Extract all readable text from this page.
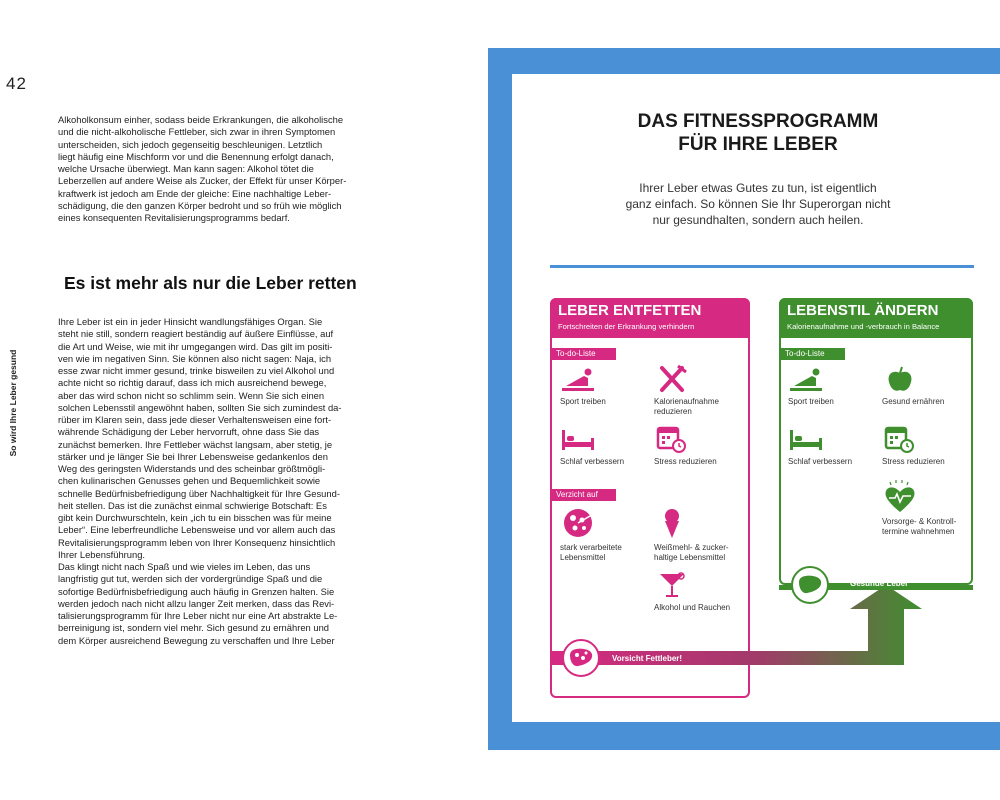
42
So wird Ihre Leber gesund
Alkoholkonsum einher, sodass beide Erkrankungen, die alkoholische
und die nicht-alkoholische Fettleber, sich zwar in ihren Symptomen
unterscheiden, sich jedoch gegenseitig beschleunigen. Letztlich
liegt häufig eine Mischform vor und die Benennung erfolgt danach,
welche Ursache überwiegt. Man kann sagen: Alkohol tötet die
Leberzellen auf andere Weise als Zucker, der Effekt für unser Körper-
kraftwerk ist jedoch am Ende der gleiche: Eine nachhaltige Leber-
schädigung, die den ganzen Körper bedroht und so früh wie möglich
eines konsequenten Revitalisierungsprogramms bedarf.
Es ist mehr als nur die Leber retten
Ihre Leber ist ein in jeder Hinsicht wandlungsfähiges Organ. Sie
steht nie still, sondern reagiert beständig auf äußere Einflüsse, auf
die Art und Weise, wie mit ihr umgegangen wird. Das gilt im positi-
ven wie im negativen Sinn. Sie können also nicht sagen: Naja, ich
esse zwar nicht immer gesund, trinke bisweilen zu viel Alkohol und
achte nicht so richtig darauf, dass ich mich ausreichend bewege,
aber das wird schon nicht so schlimm sein. Wenn Sie sich einen
solchen Lebensstil angewöhnt haben, sollten Sie sich zumindest da-
rüber im Klaren sein, dass jede dieser Verhaltensweisen eine fort-
währende Schädigung der Leber hervorruft, ohne dass Sie das
zunächst bemerken. Ihre Fettleber wächst langsam, aber stetig, je
stärker und je länger Sie bei Ihrer Lebensweise gedankenlos den
Weg des geringsten Widerstands und des scheinbar größtmögli-
chen kulinarischen Genusses gehen und Bequemlichkeit sowie
schnelle Bedürfnisbefriedigung über Nachhaltigkeit für Ihre Gesund-
heit stellen. Das ist die zunächst einmal schwierige Botschaft: Es
gibt kein Durchwurschteln, kein „ich tu ein bisschen was für meine
Leber“. Eine leberfreundliche Lebensweise und vor allem auch das
Revitalisierungsprogramm leben von Ihrer Konsequenz hinsichtlich
Ihrer Lebensführung.
Das klingt nicht nach Spaß und wie vieles im Leben, das uns
langfristig gut tut, werden sich der vordergründige Spaß und die
sofortige Bedürfnisbefriedigung auch häufig in Grenzen halten. Sie
werden jedoch nach nicht allzu langer Zeit merken, dass das Revi-
talisierungsprogramm für Ihre Leber nicht nur eine Art abstrakte Le-
berreinigung ist, sondern viel mehr. Sich gesund zu ernähren und
dem Körper ausreichend Bewegung zu verschaffen und Ihre Leber
DAS FITNESSPROGRAMM
FÜR IHRE LEBER
Ihrer Leber etwas Gutes zu tun, ist eigentlich
ganz einfach. So können Sie Ihr Superorgan nicht
nur gesundhalten, sondern auch heilen.
LEBER ENTFETTEN
Fortschreiten der Erkrankung verhindern
To-do-Liste
Sport treiben	Kalorienaufnahme
reduzieren
Schlaf verbessern	Stress reduzieren
Verzicht auf
stark verarbeitete
Lebensmittel
Weißmehl- & zucker-
haltige Lebensmittel
Alkohol und Rauchen
Vorsicht Fettleber!
LEBENSTIL ÄNDERN
Kalorienaufnahme und -verbrauch in Balance
To-do-Liste
Sport treiben	Gesund ernähren
Schlaf verbessern	Stress reduzieren
Vorsorge- & Kontroll-
termine wahnehmen
Gesunde Leber
